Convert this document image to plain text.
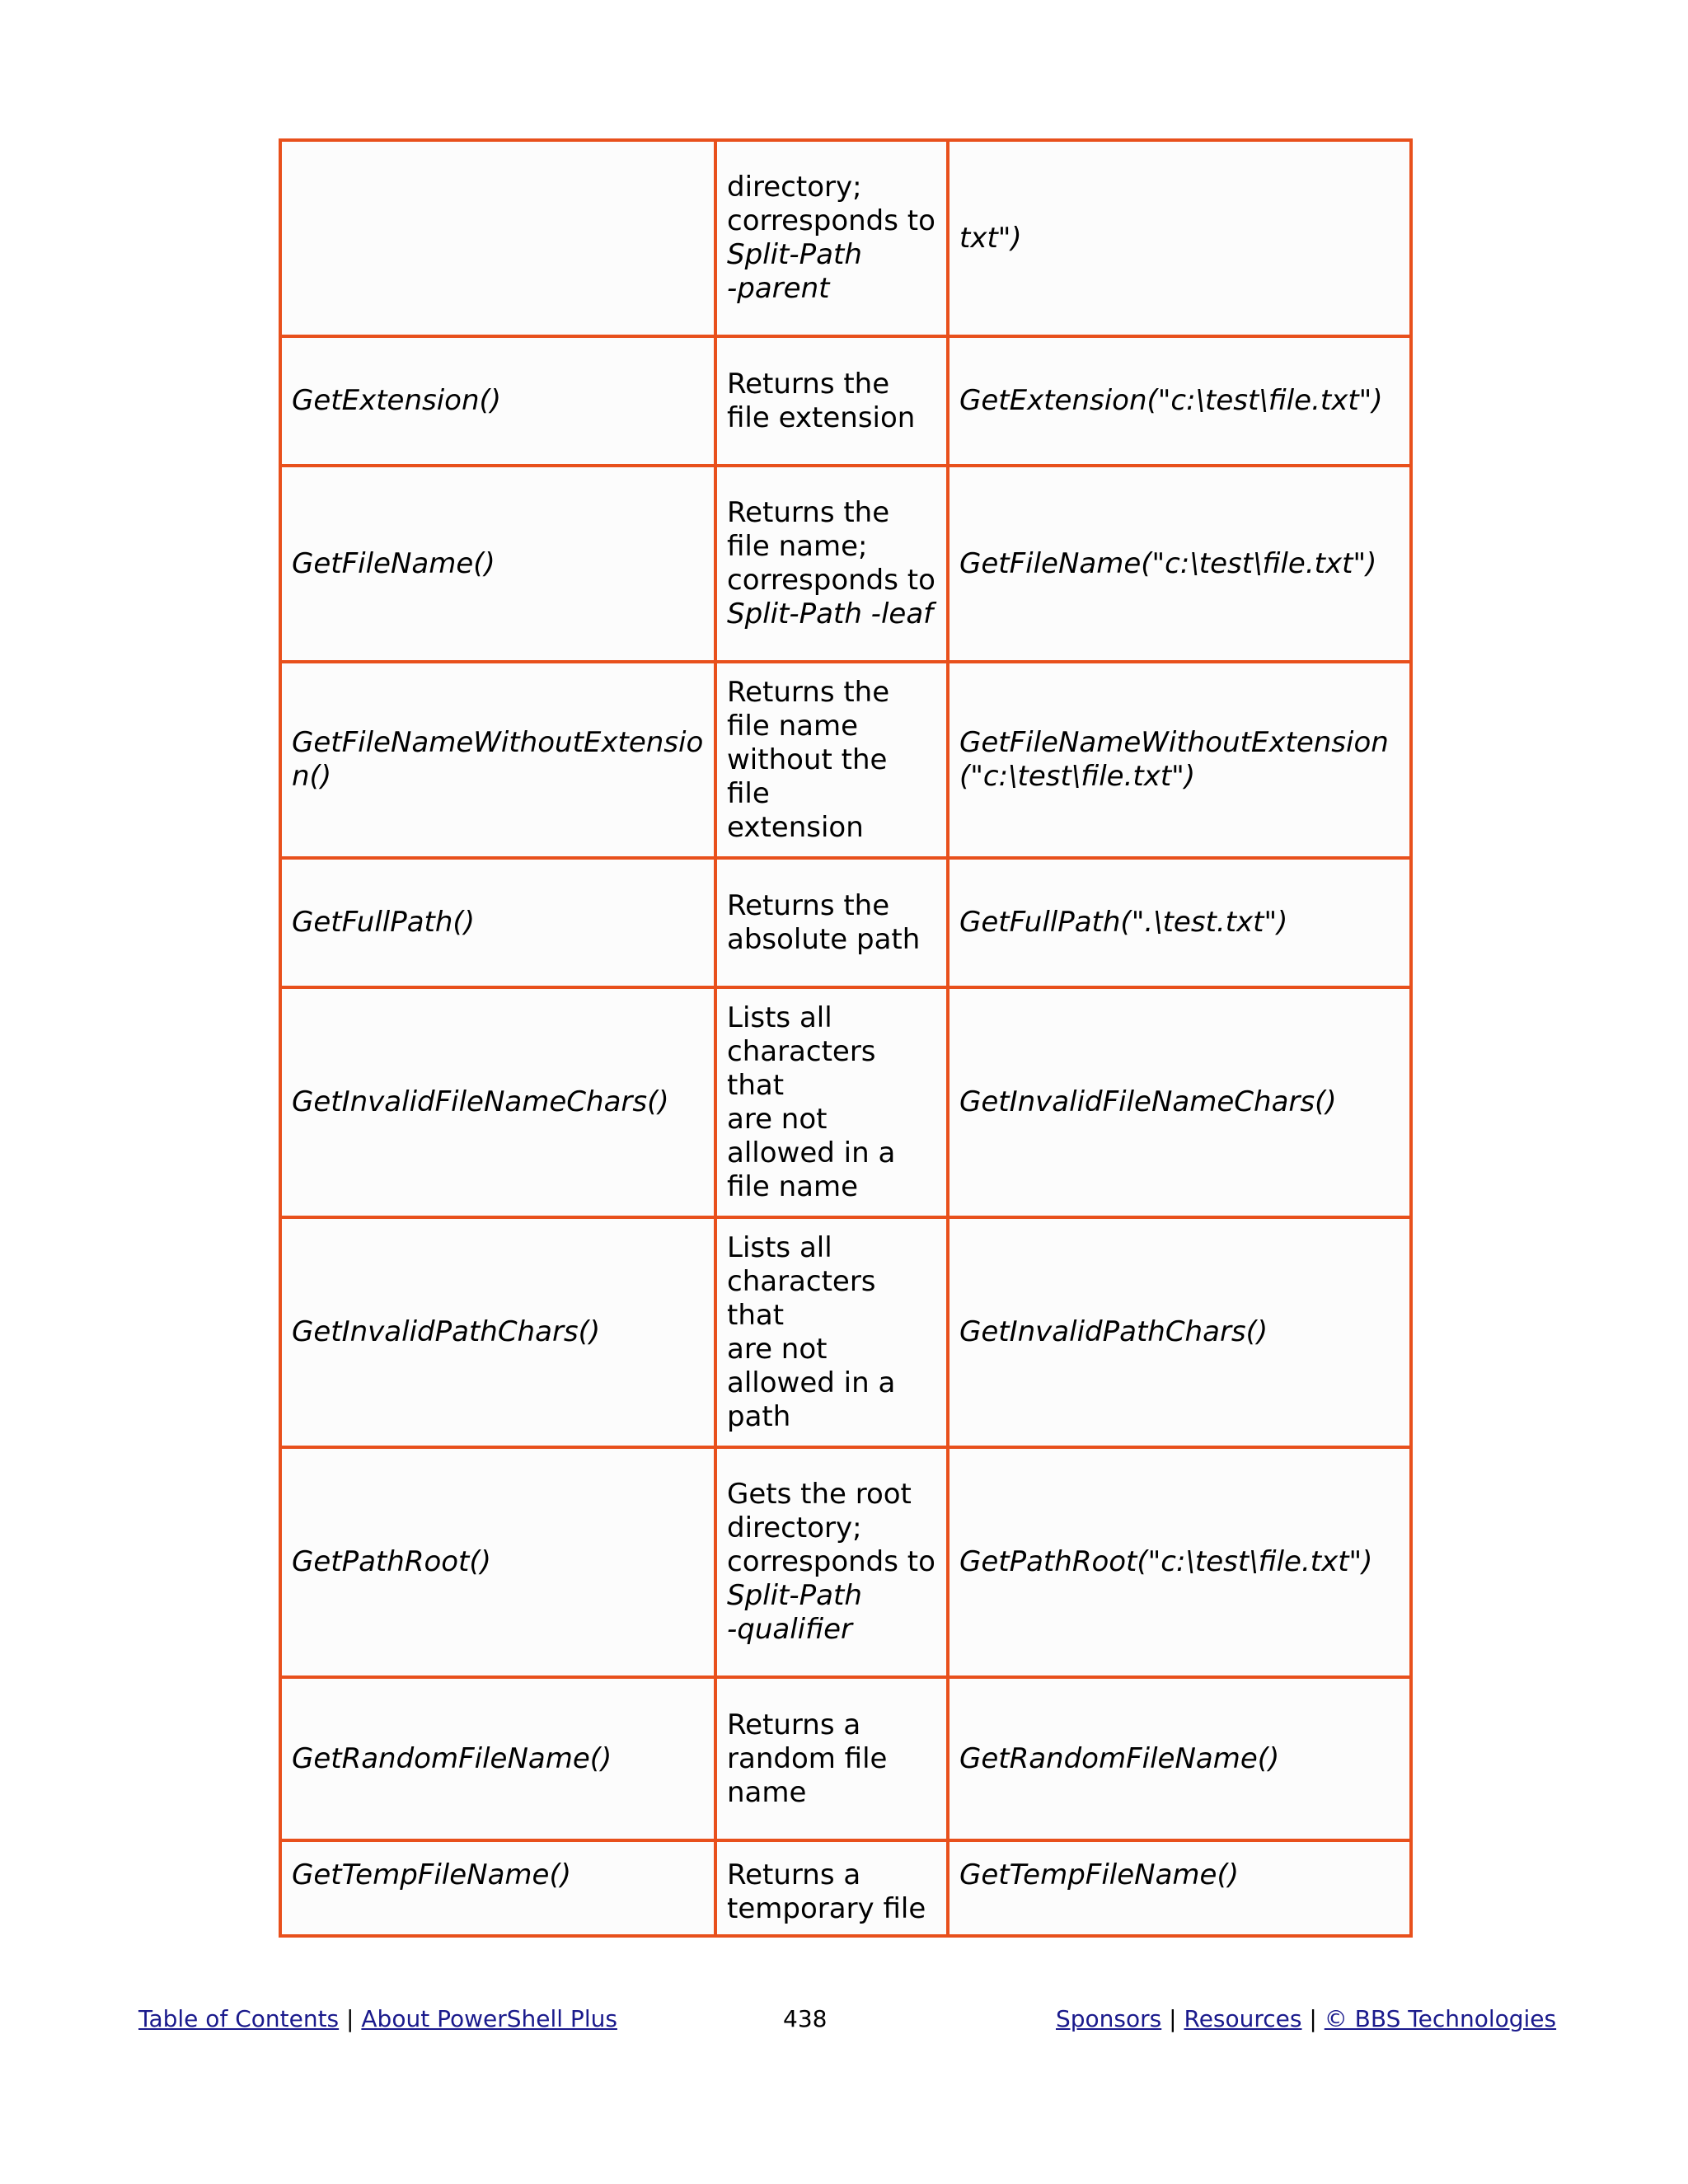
	directory;
corresponds to
Split-Path
-parent	txt")
GetExtension()	Returns the
file extension	GetExtension("c:\test\file.txt")
GetFileName()	Returns the
file name;
corresponds to
Split-Path -leaf	GetFileName("c:\test\file.txt")
GetFileNameWithoutExtension()	Returns the
file name
without the file
extension	GetFileNameWithoutExtension("c:\test\file.txt")
GetFullPath()	Returns the
absolute path	GetFullPath(".\test.txt")
GetInvalidFileNameChars()	Lists all
characters that
are not
allowed in a
file name	GetInvalidFileNameChars()
GetInvalidPathChars()	Lists all
characters that
are not
allowed in a
path	GetInvalidPathChars()
GetPathRoot()	Gets the root
directory;
corresponds to
Split-Path
-qualifier	GetPathRoot("c:\test\file.txt")
GetRandomFileName()	Returns a
random file
name	GetRandomFileName()
GetTempFileName()	Returns a
temporary file	GetTempFileName()
Table of Contents | About PowerShell Plus	438	Sponsors | Resources | © BBS Technologies
